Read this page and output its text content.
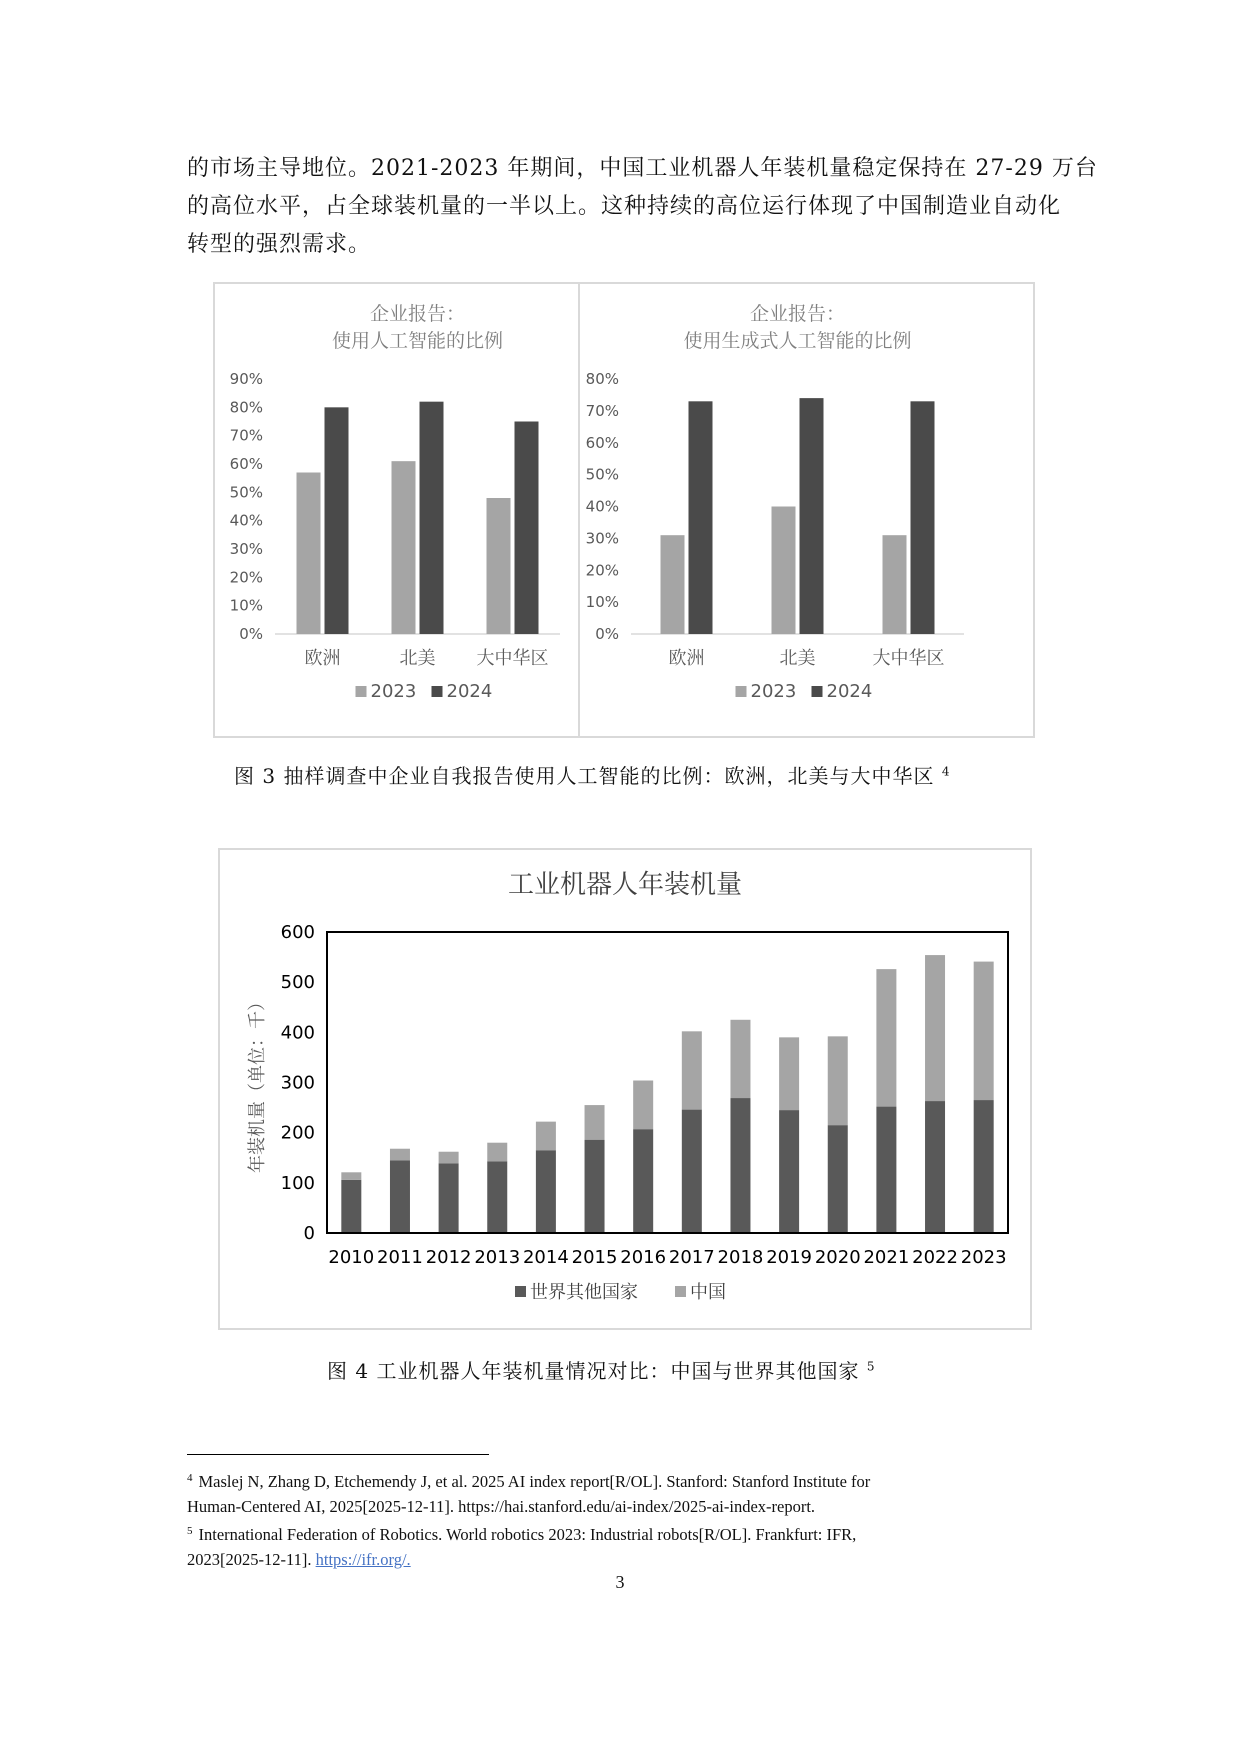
的市场主导地位。2021-2023 年期间，中国工业机器人年装机量稳定保持在 27-29 万台
的高位水平，占全球装机量的一半以上。这种持续的高位运行体现了中国制造业自动化
转型的强烈需求。
企业报告：
使用人工智能的比例
0%
10%
20%
30%
40%
50%
60%
70%
80%
90%
欧洲	北美 大中华区
2023 2024
企业报告：
使用生成式人工智能的比例
0%
10%
20%
30%
40%
50%
60%
70%
80%
欧洲	北美	大中华区
2023 2024
图 3 抽样调查中企业自我报告使用人工智能的比例：欧洲，北美与大中华区 $^4$
工业机器人年装机量
年装机量（单位：千）
0
100
200
300
400
500
600
2010 2011 2012 2013 2014 2015 2016 2017 2018 2019 2020 2021 2022 2023
世界其他国家	中国
图 4 工业机器人年装机量情况对比：中国与世界其他国家 $^5$
$^4$ Maslej N, Zhang D, Etchemendy J, et al. 2025 AI index report[R/OL]. Stanford: Stanford Institute for
Human-Centered AI, 2025[2025-12-11]. https://hai.stanford.edu/ai-index/2025-ai-index-report.
$^5$ International Federation of Robotics. World robotics 2023: Industrial robots[R/OL]. Frankfurt: IFR,
2023[2025-12-11]. https://ifr.org/.
3
